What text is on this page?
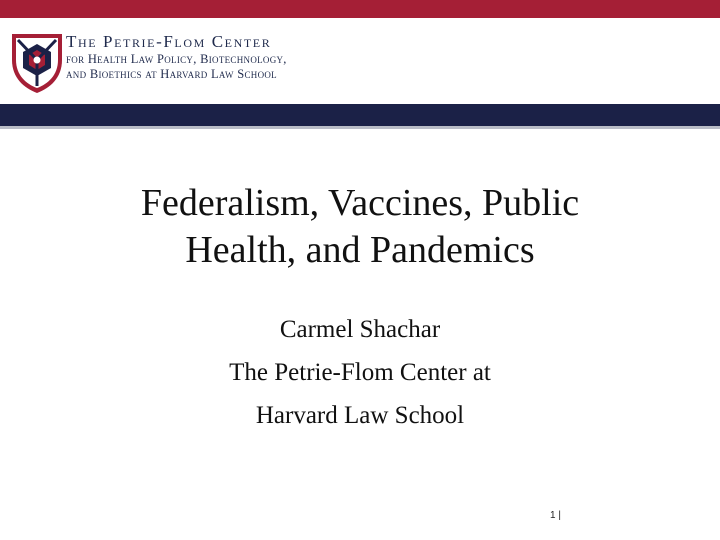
The Petrie-Flom Center
for Health Law Policy, Biotechnology,
and Bioethics at Harvard Law School
Federalism, Vaccines, Public
Health, and Pandemics
Carmel Shachar
The Petrie-Flom Center at
Harvard Law School
1 |
